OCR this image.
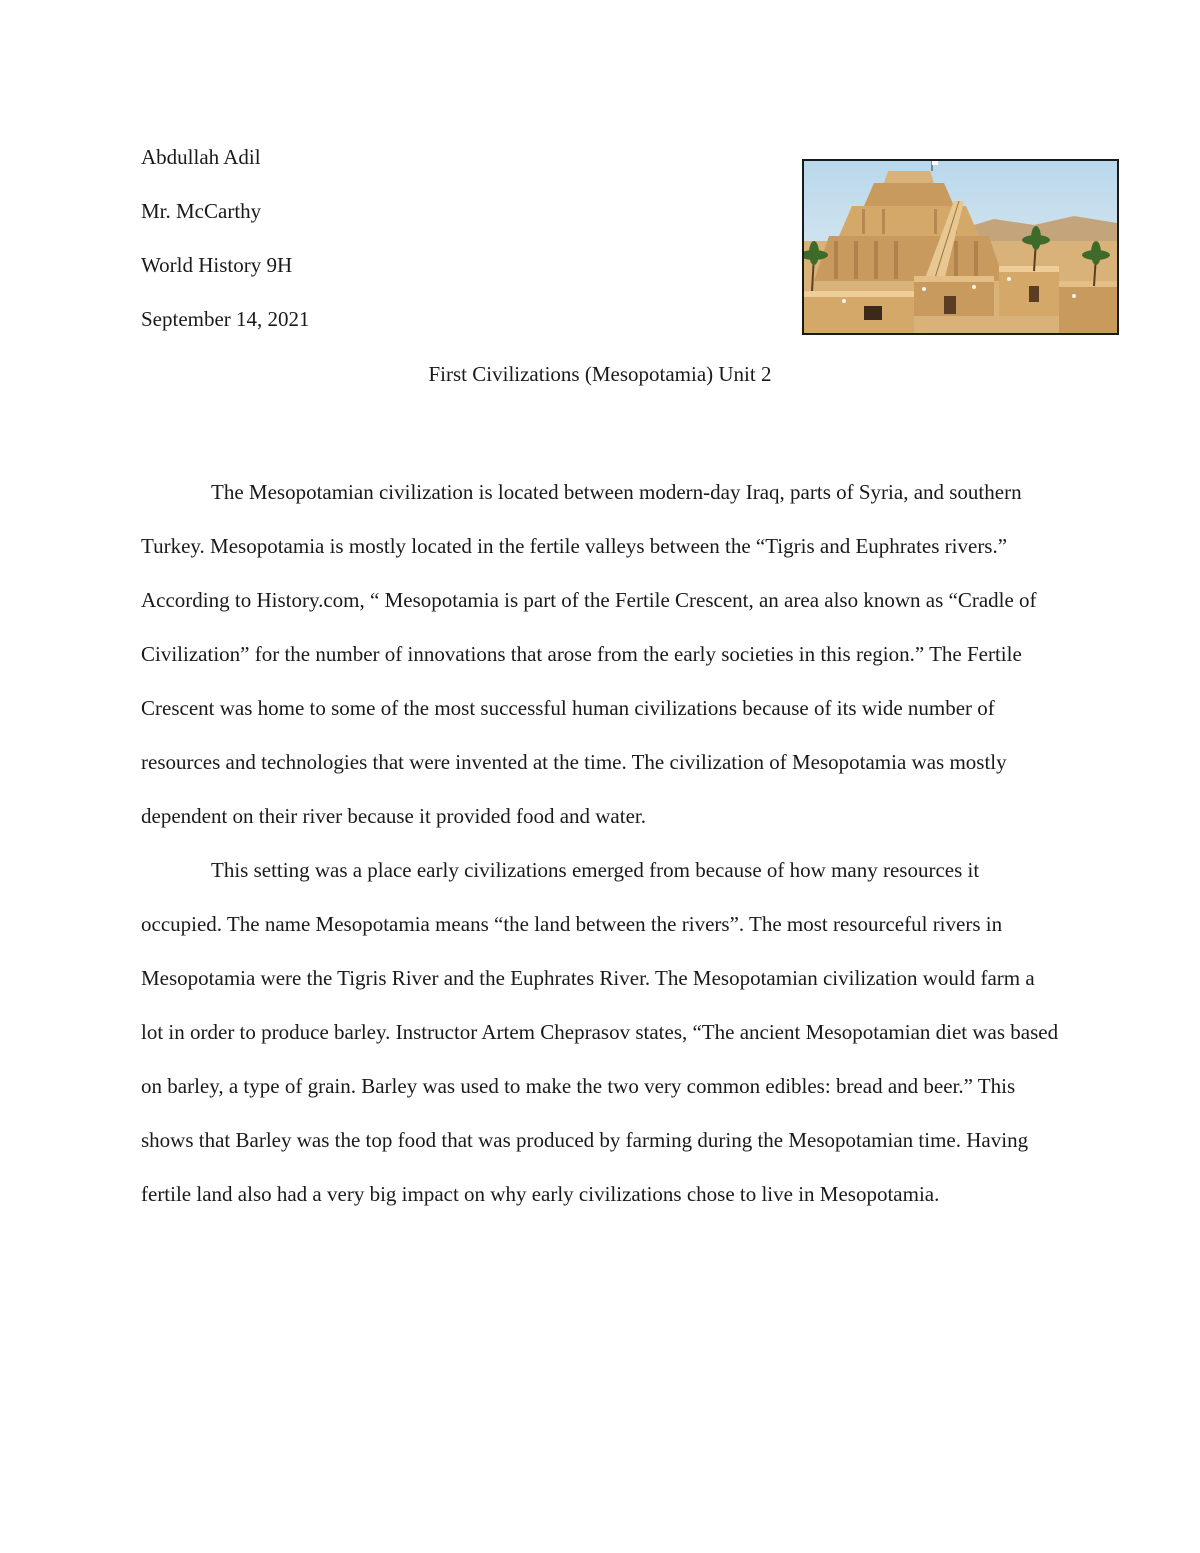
Abdullah Adil
Mr. McCarthy
World History 9H
September 14, 2021
First Civilizations (Mesopotamia) Unit 2

The Mesopotamian civilization is located between modern-day Iraq, parts of Syria, and southern Turkey. Mesopotamia is mostly located in the fertile valleys between the “Tigris and Euphrates rivers.” According to History.com, “ Mesopotamia is part of the Fertile Crescent, an area also known as “Cradle of Civilization” for the number of innovations that arose from the early societies in this region.” The Fertile Crescent was home to some of the most successful human civilizations because of its wide number of resources and technologies that were invented at the time. The civilization of Mesopotamia was mostly dependent on their river because it provided food and water.

This setting was a place early civilizations emerged from because of how many resources it occupied. The name Mesopotamia means “the land between the rivers”. The most resourceful rivers in Mesopotamia were the Tigris River and the Euphrates River. The Mesopotamian civilization would farm a lot in order to produce barley. Instructor Artem Cheprasov states, “The ancient Mesopotamian diet was based on barley, a type of grain. Barley was used to make the two very common edibles: bread and beer.” This shows that Barley was the top food that was produced by farming during the Mesopotamian time. Having fertile land also had a very big impact on why early civilizations chose to live in Mesopotamia.
